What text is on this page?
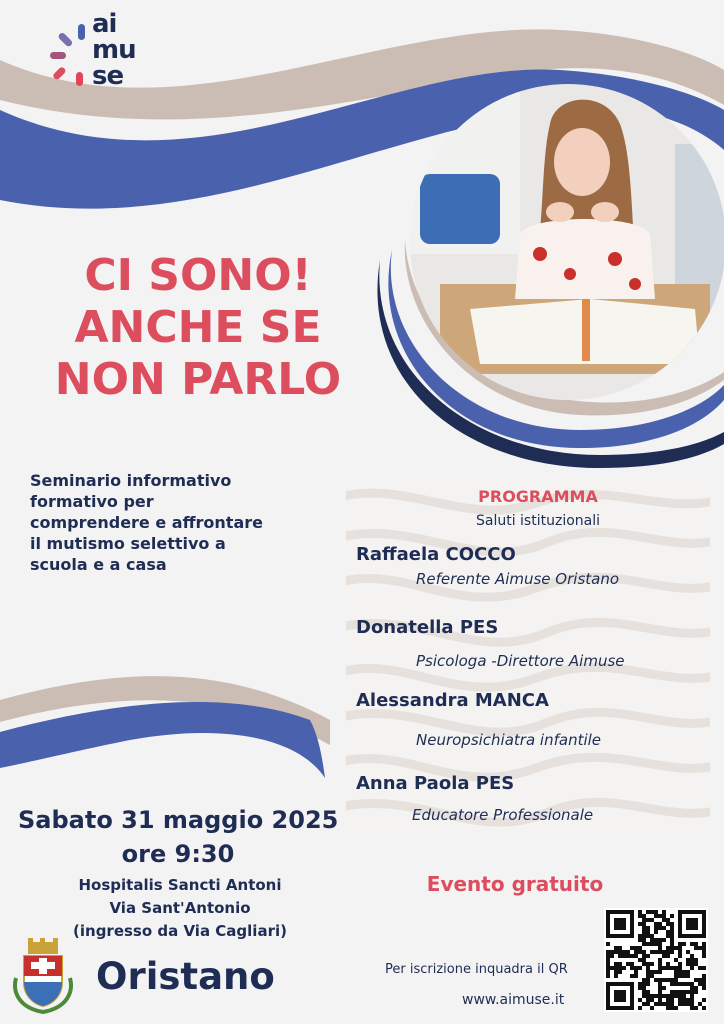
ai
mu
se
CI SONO!
ANCHE SE
NON PARLO
Seminario informativo
formativo per
comprendere e affrontare
il mutismo selettivo a
scuola e a casa
PROGRAMMA
Saluti istituzionali
Raffaela COCCO
Referente Aimuse Oristano
Donatella PES
Psicologa -Direttore Aimuse
Alessandra MANCA
Neuropsichiatra infantile
Anna Paola PES
Educatore Professionale
Sabato 31 maggio 2025
ore 9:30
Hospitalis Sancti Antoni
Via Sant'Antonio
(ingresso da Via Cagliari)
Oristano
Evento gratuito
Per iscrizione inquadra il QR
www.aimuse.it
